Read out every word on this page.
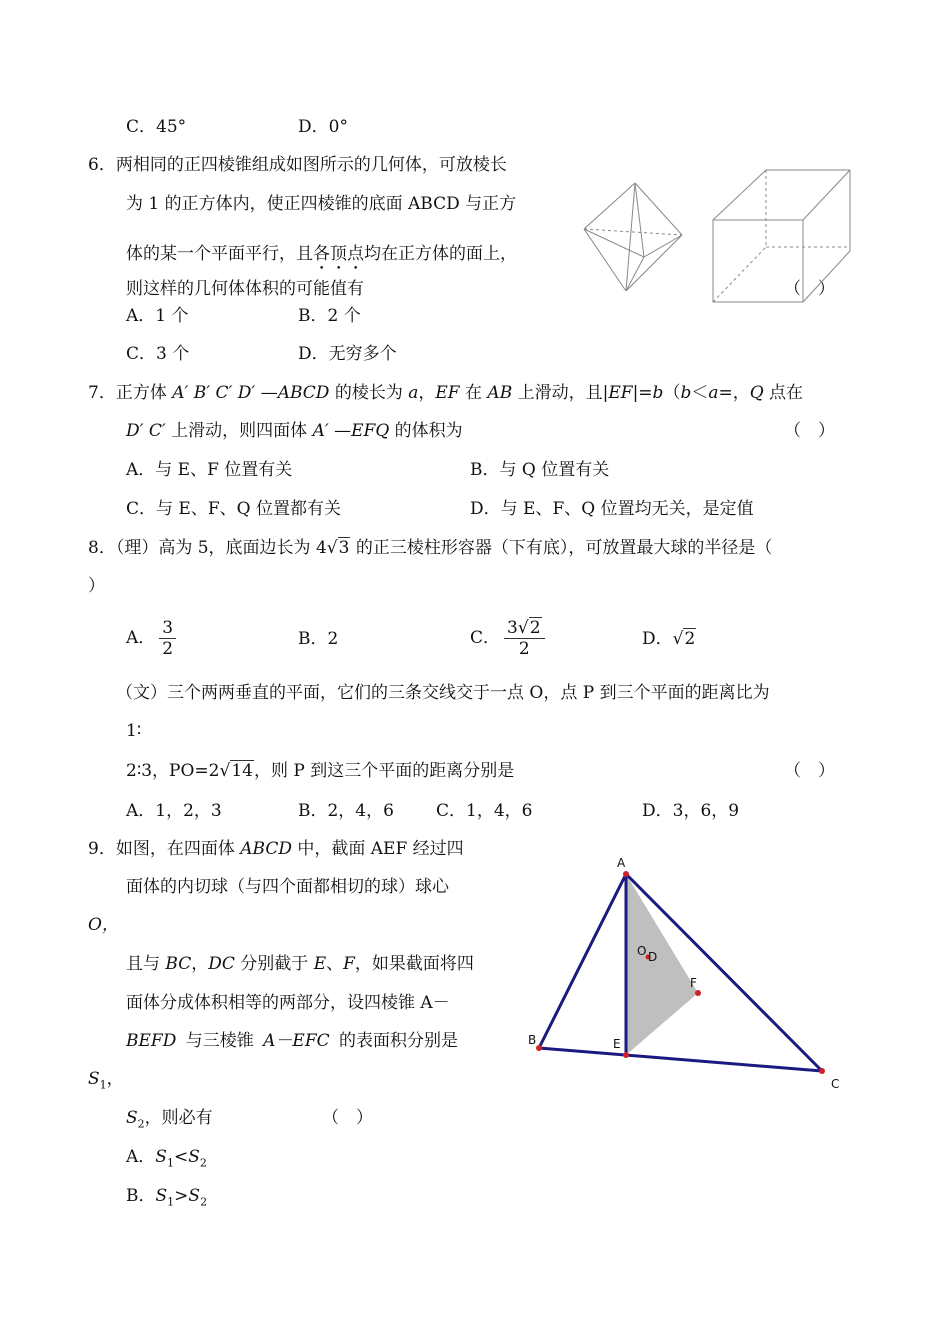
C．45°	D．0°
6．两相同的正四棱锥组成如图所示的几何体，可放棱长
为 1 的正方体内，使正四棱锥的底面 ABCD 与正方
体的某一个平面平行，且各顶点均在正方体的面上，
则这样的几何体体积的可能值有	（　）
A．1 个	B．2 个
C．3 个	D．无穷多个
7．正方体 A′ B′ C′ D′ —ABCD 的棱长为 a，EF 在 AB 上滑动，且|EF|=b（b＜a=，Q 点在
D′ C′ 上滑动，则四面体 A′ —EFQ 的体积为	（　）
A．与 E、F 位置有关	B．与 Q 位置有关
C．与 E、F、Q 位置都有关	D．与 E、F、Q 位置均无关，是定值
8．（理）高为 5，底面边长为 4√3 的正三棱柱形容器（下有底），可放置最大球的半径是（
）
A． $\frac{3}{2}$	B．2	C． $\frac{3√2}{2}$	D．√2
（文）三个两两垂直的平面，它们的三条交线交于一点 O，点 P 到三个平面的距离比为
1∶
2∶3，PO=2√14，则 P 到这三个平面的距离分别是	（　）
A．1，2，3	B．2，4，6 C．1，4，6	D．3，6，9
9．如图，在四面体 ABCD 中，截面 AEF 经过四
面体的内切球（与四个面都相切的球）球心
O，
且与 BC，DC 分别截于 E、F，如果截面将四
面体分成体积相等的两部分，设四棱锥 A－
BEFD 与三棱锥 A－EFC 的表面积分别是
$S_1$，
$S_2$，则必有	（　）
A．$S_1<S_2$
B．$S_1>S_2$
A
B
C
E
F
O D
